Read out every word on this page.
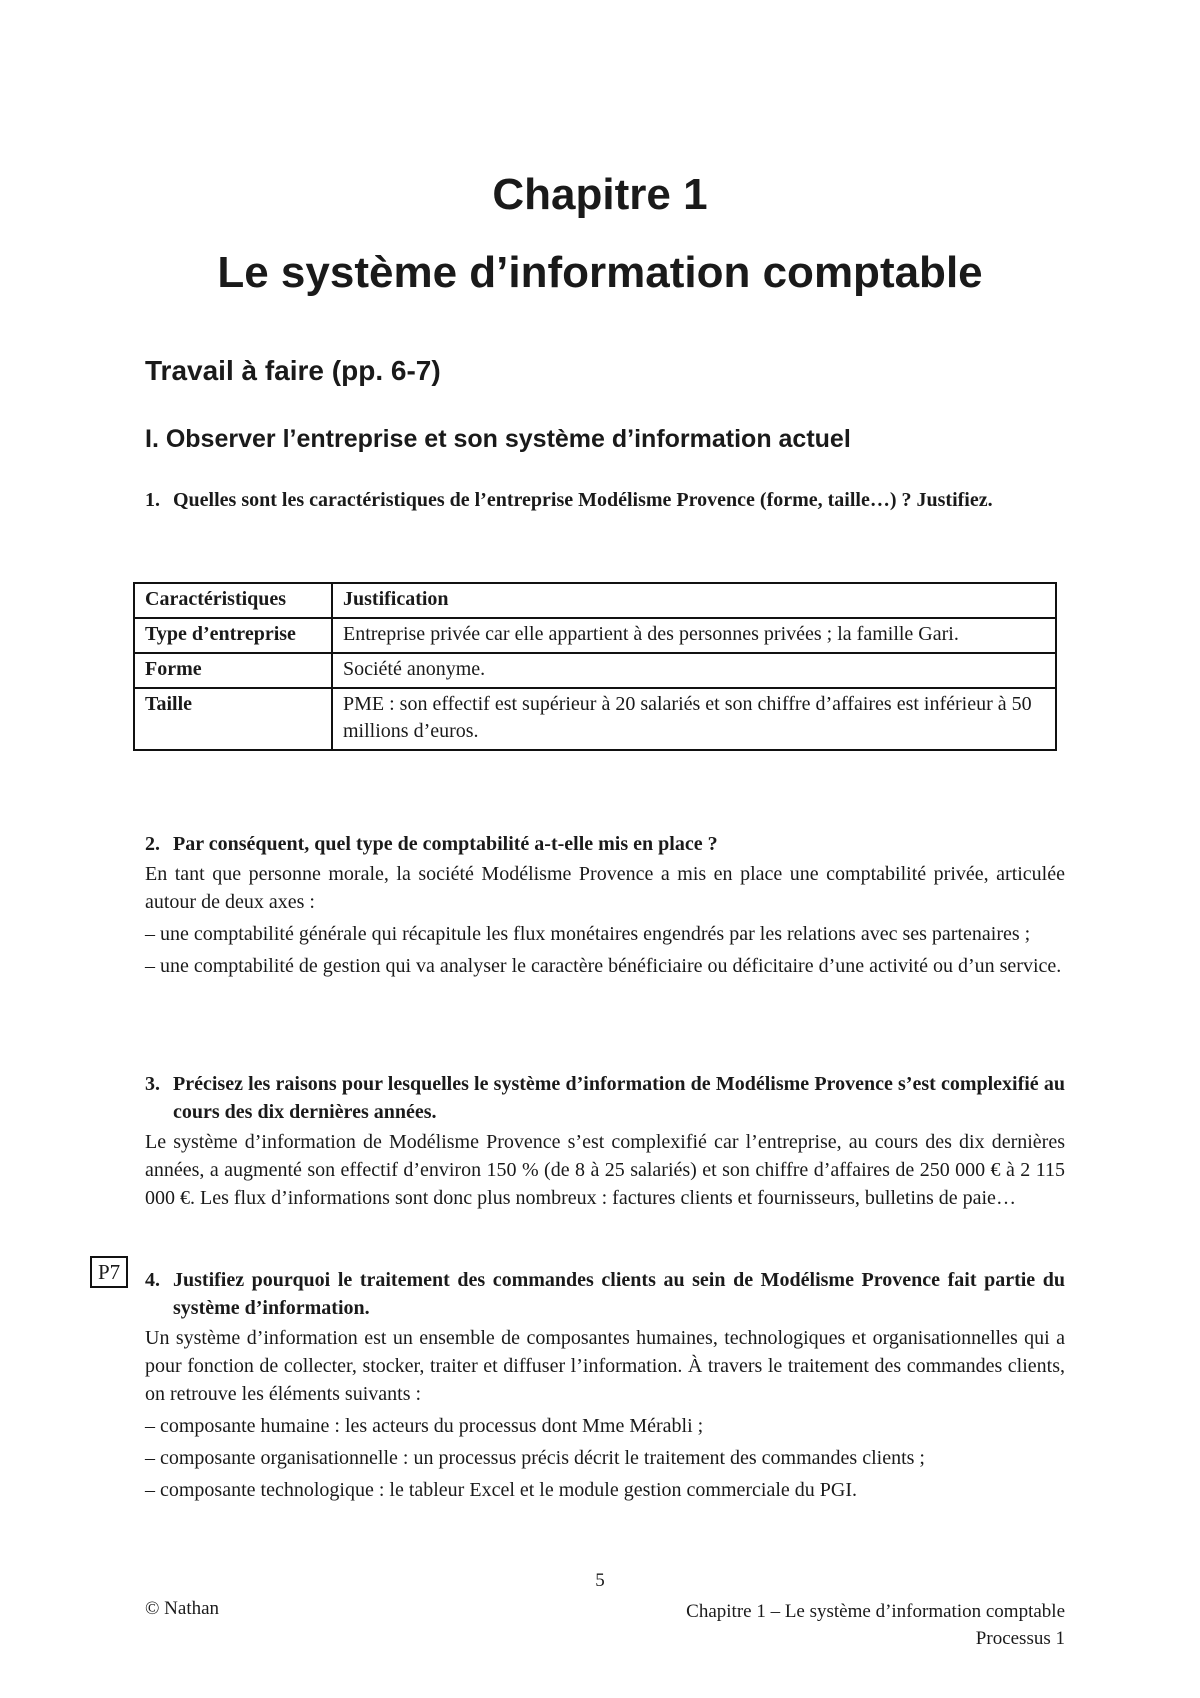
Chapitre 1
Le système d’information comptable
Travail à faire (pp. 6-7)
I. Observer l’entreprise et son système d’information actuel
1. Quelles sont les caractéristiques de l’entreprise Modélisme Provence (forme, taille…) ? Justifiez.
Caractéristiques	Justification
Type d’entreprise	Entreprise privée car elle appartient à des personnes privées ; la famille Gari.
Forme	Société anonyme.
Taille	PME : son effectif est supérieur à 20 salariés et son chiffre d’affaires est inférieur à 50 millions d’euros.
2. Par conséquent, quel type de comptabilité a-t-elle mis en place ?

En tant que personne morale, la société Modélisme Provence a mis en place une comptabilité privée, articulée autour de deux axes :

– une comptabilité générale qui récapitule les flux monétaires engendrés par les relations avec ses partenaires ;

– une comptabilité de gestion qui va analyser le caractère bénéficiaire ou déficitaire d’une activité ou d’un service.

3. Précisez les raisons pour lesquelles le système d’information de Modélisme Provence s’est complexifié au cours des dix dernières années.

Le système d’information de Modélisme Provence s’est complexifié car l’entreprise, au cours des dix dernières années, a augmenté son effectif d’environ 150 % (de 8 à 25 salariés) et son chiffre d’affaires de 250 000 € à 2 115 000 €. Les flux d’informations sont donc plus nombreux : factures clients et fournisseurs, bulletins de paie…

P7	4. Justifiez pourquoi le traitement des commandes clients au sein de Modélisme Provence fait partie du système d’information.

Un système d’information est un ensemble de composantes humaines, technologiques et organisationnelles qui a pour fonction de collecter, stocker, traiter et diffuser l’information. À travers le traitement des commandes clients, on retrouve les éléments suivants :

– composante humaine : les acteurs du processus dont Mme Mérabli ;

– composante organisationnelle : un processus précis décrit le traitement des commandes clients ;

– composante technologique : le tableur Excel et le module gestion commerciale du PGI.

5
© Nathan	Chapitre 1 – Le système d’information comptable
Processus 1
